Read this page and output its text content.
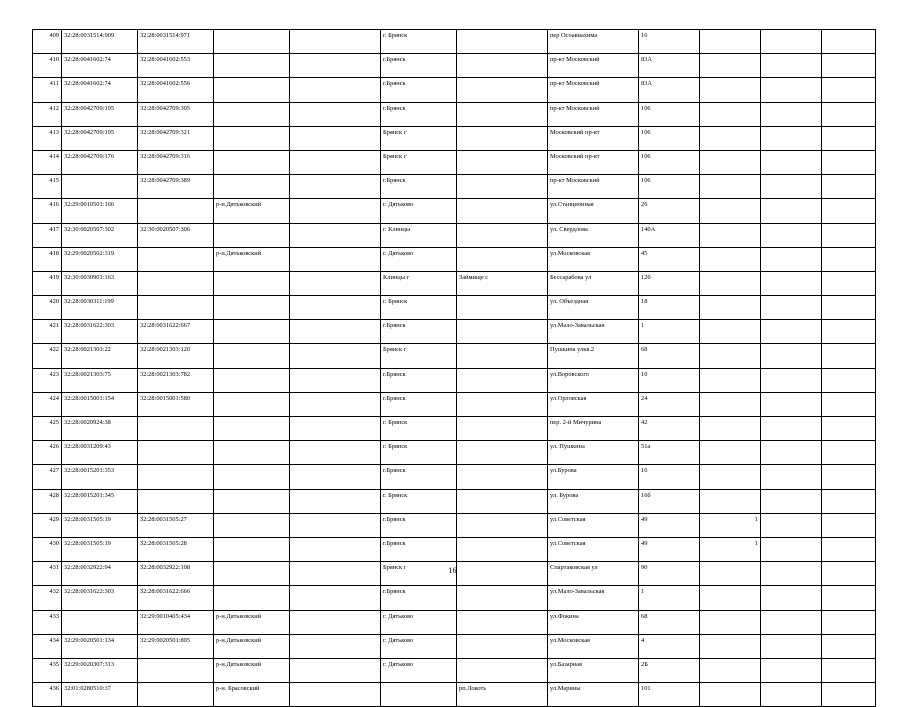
409	32:28:0031514:909	32:28:0031514:971			г. Брянск		пер Осоавиахима	16			
410	32:28:0041602:74	32:28:0041602:553			г.Брянск		пр-кт Московский	83А			
411	32:28:0041602:74	32:28:0041602:556			г.Брянск		пр-кт Московский	83А			
412	32:28:0042709:195	32:28:0042709:305			г.Брянск		пр-кт Московский	106			
413	32:28:0042709:195	32:28:0042709:321			Брянск г		Московский пр-кт	106			
414	32:28:0042709:176	32:28:0042709:316			Брянск г		Московский пр-кт	106			
415		32:28:0042709:389			г.Брянск		пр-кт Московский	106			
416	32:29:0010501:166		р-н.Дятьковский		г. Дятьково		ул.Станционная	26			
417	32:30:0020507:302	32:30:0020507:306			г. Клинцы		ул. Свердлова	140А			
418	32:29:0020502:319		р-н.Дятьковский		г. Дятьково		ул.Московская	45			
419	32:30:0030901:163				Клинцы г	Займище с	Бессарабова ул	12б			
420	32:28:0030311:199				г. Брянск		ул. Объездная	18			
421	32:28:0031622:303	32:28:0031622:667			г.Брянск		ул.Мало-Завальская	1			
422	32:28:0021303:22	32:28:0021303:120			Брянск г		Пушкина улкв.2	68			
423	32:28:0021303:75	32:28:0021303:782			г.Брянск		ул.Воровского	10			
424	32:28:0015001:154	32:28:0015001:580			г.Брянск		ул.Орловская	24			
425	32:28:0020924:38				г. Брянск		пер. 2-й Мичурина	42			
426	32:28:0031209:43				г. Брянск		ул. Пушкина	51а			
427	32:28:0015201:353				г.Брянск		ул.Бурова	16			
428	32:28:0015201:345				г. Брянск		ул. Бурова	16б			
429	32:28:0031505:19	32:28:0031505:27			г.Брянск		ул.Советская	49	1		
430	32:28:0031505:19	32:28:0031505:28			г.Брянск		ул.Советская	49	1		
431	32:28:0032922:94	32:28:0032922:108			Брянск г		Спартаковская ул	90			
432	32:28:0031622:303	32:28:0031622:666			г.Брянск		ул.Мало-Завальская	1			
433		32:29:0010405:434	р-н.Дятьковский		г. Дятьково		ул.Фокина	68			
434	32:29:0020501:134	32:29:0020501:805	р-н.Дятьковский		г. Дятьково		ул.Московская	4			
435	32:29:0020307:313		р-н.Дятьковский		г. Дятьково		ул.Базарная	2Б			
436	32:01:0280510:37		р-н. Брасовский			рп.Локоть	ул.Марины	101			
16
